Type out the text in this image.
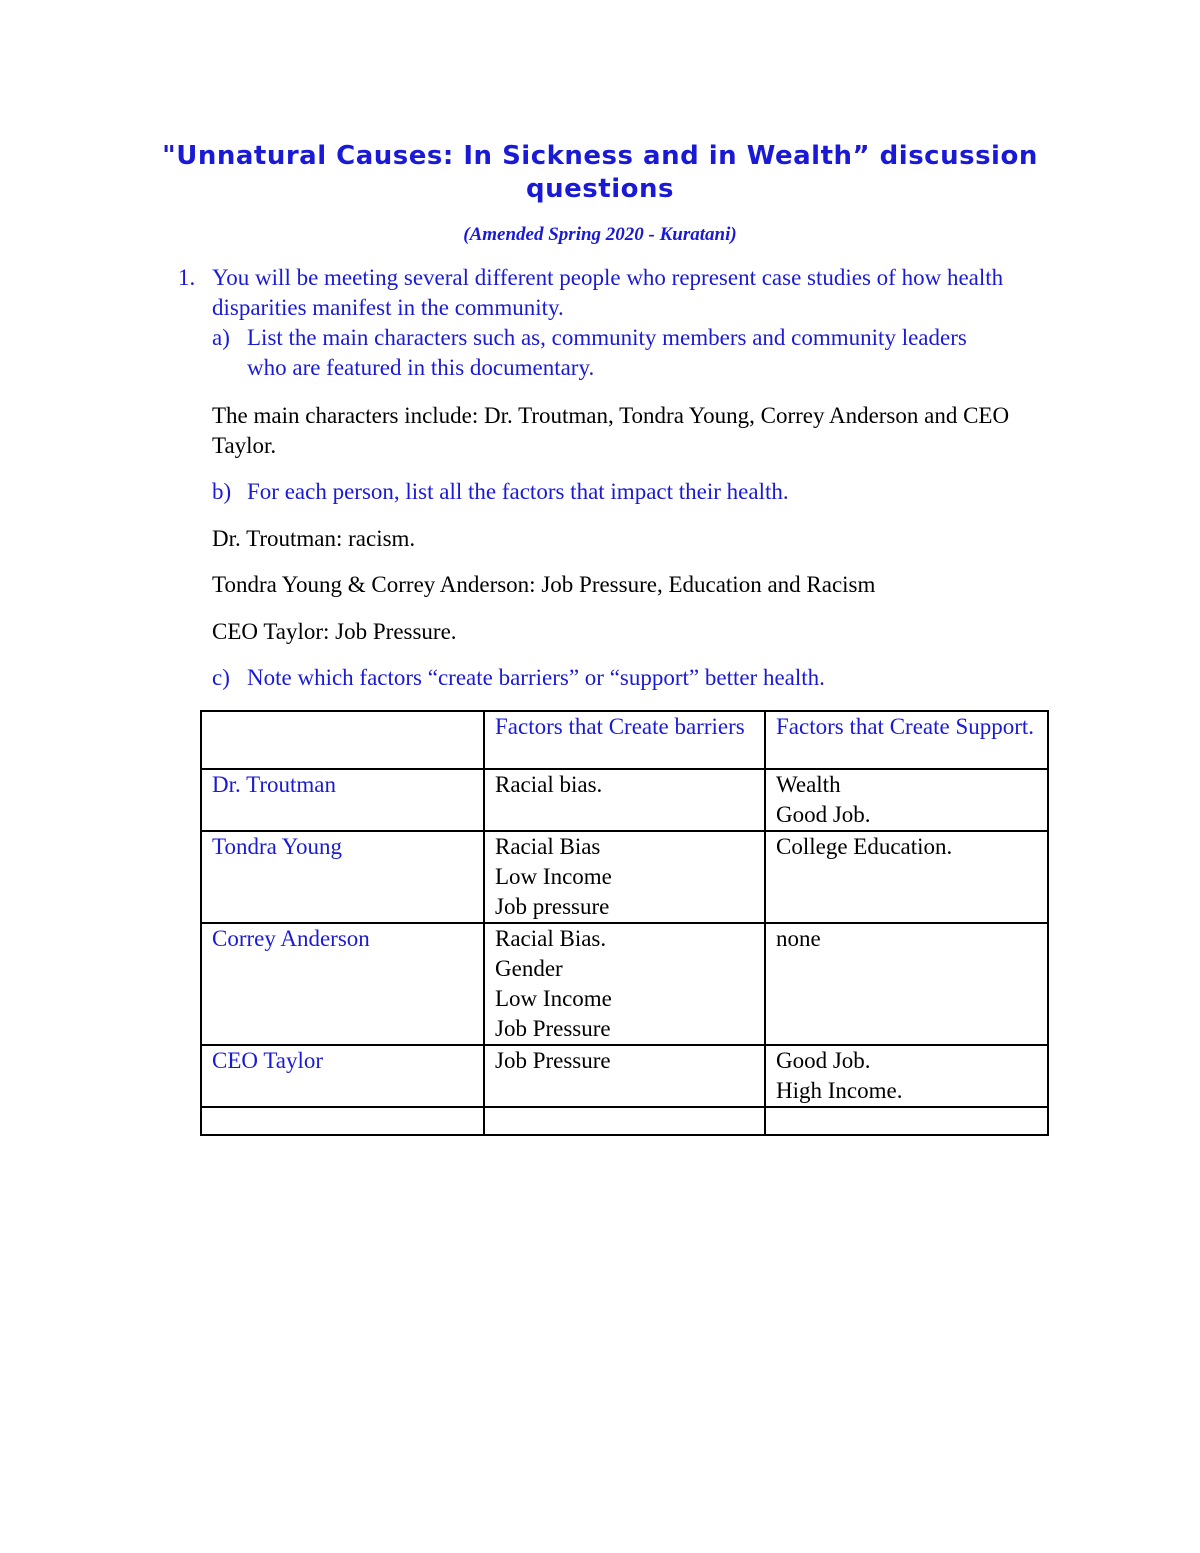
"Unnatural Causes: In Sickness and in Wealth” discussion questions
(Amended Spring 2020 - Kuratani)
1. You will be meeting several different people who represent case studies of how health disparities manifest in the community.
a) List the main characters such as, community members and community leaders who are featured in this documentary.
The main characters include: Dr. Troutman, Tondra Young, Correy Anderson and CEO Taylor.
b) For each person, list all the factors that impact their health.
Dr. Troutman: racism.
Tondra Young & Correy Anderson: Job Pressure, Education and Racism
CEO Taylor: Job Pressure.
c) Note which factors “create barriers” or “support” better health.
	Factors that Create barriers	Factors that Create Support.
Dr. Troutman	Racial bias.	Wealth
Good Job.

Tondra Young	Racial Bias
Low Income
Job pressure	College Education.

Correy Anderson	Racial Bias.
Gender
Low Income
Job Pressure	none

CEO Taylor	Job Pressure	Good Job.
High Income.
